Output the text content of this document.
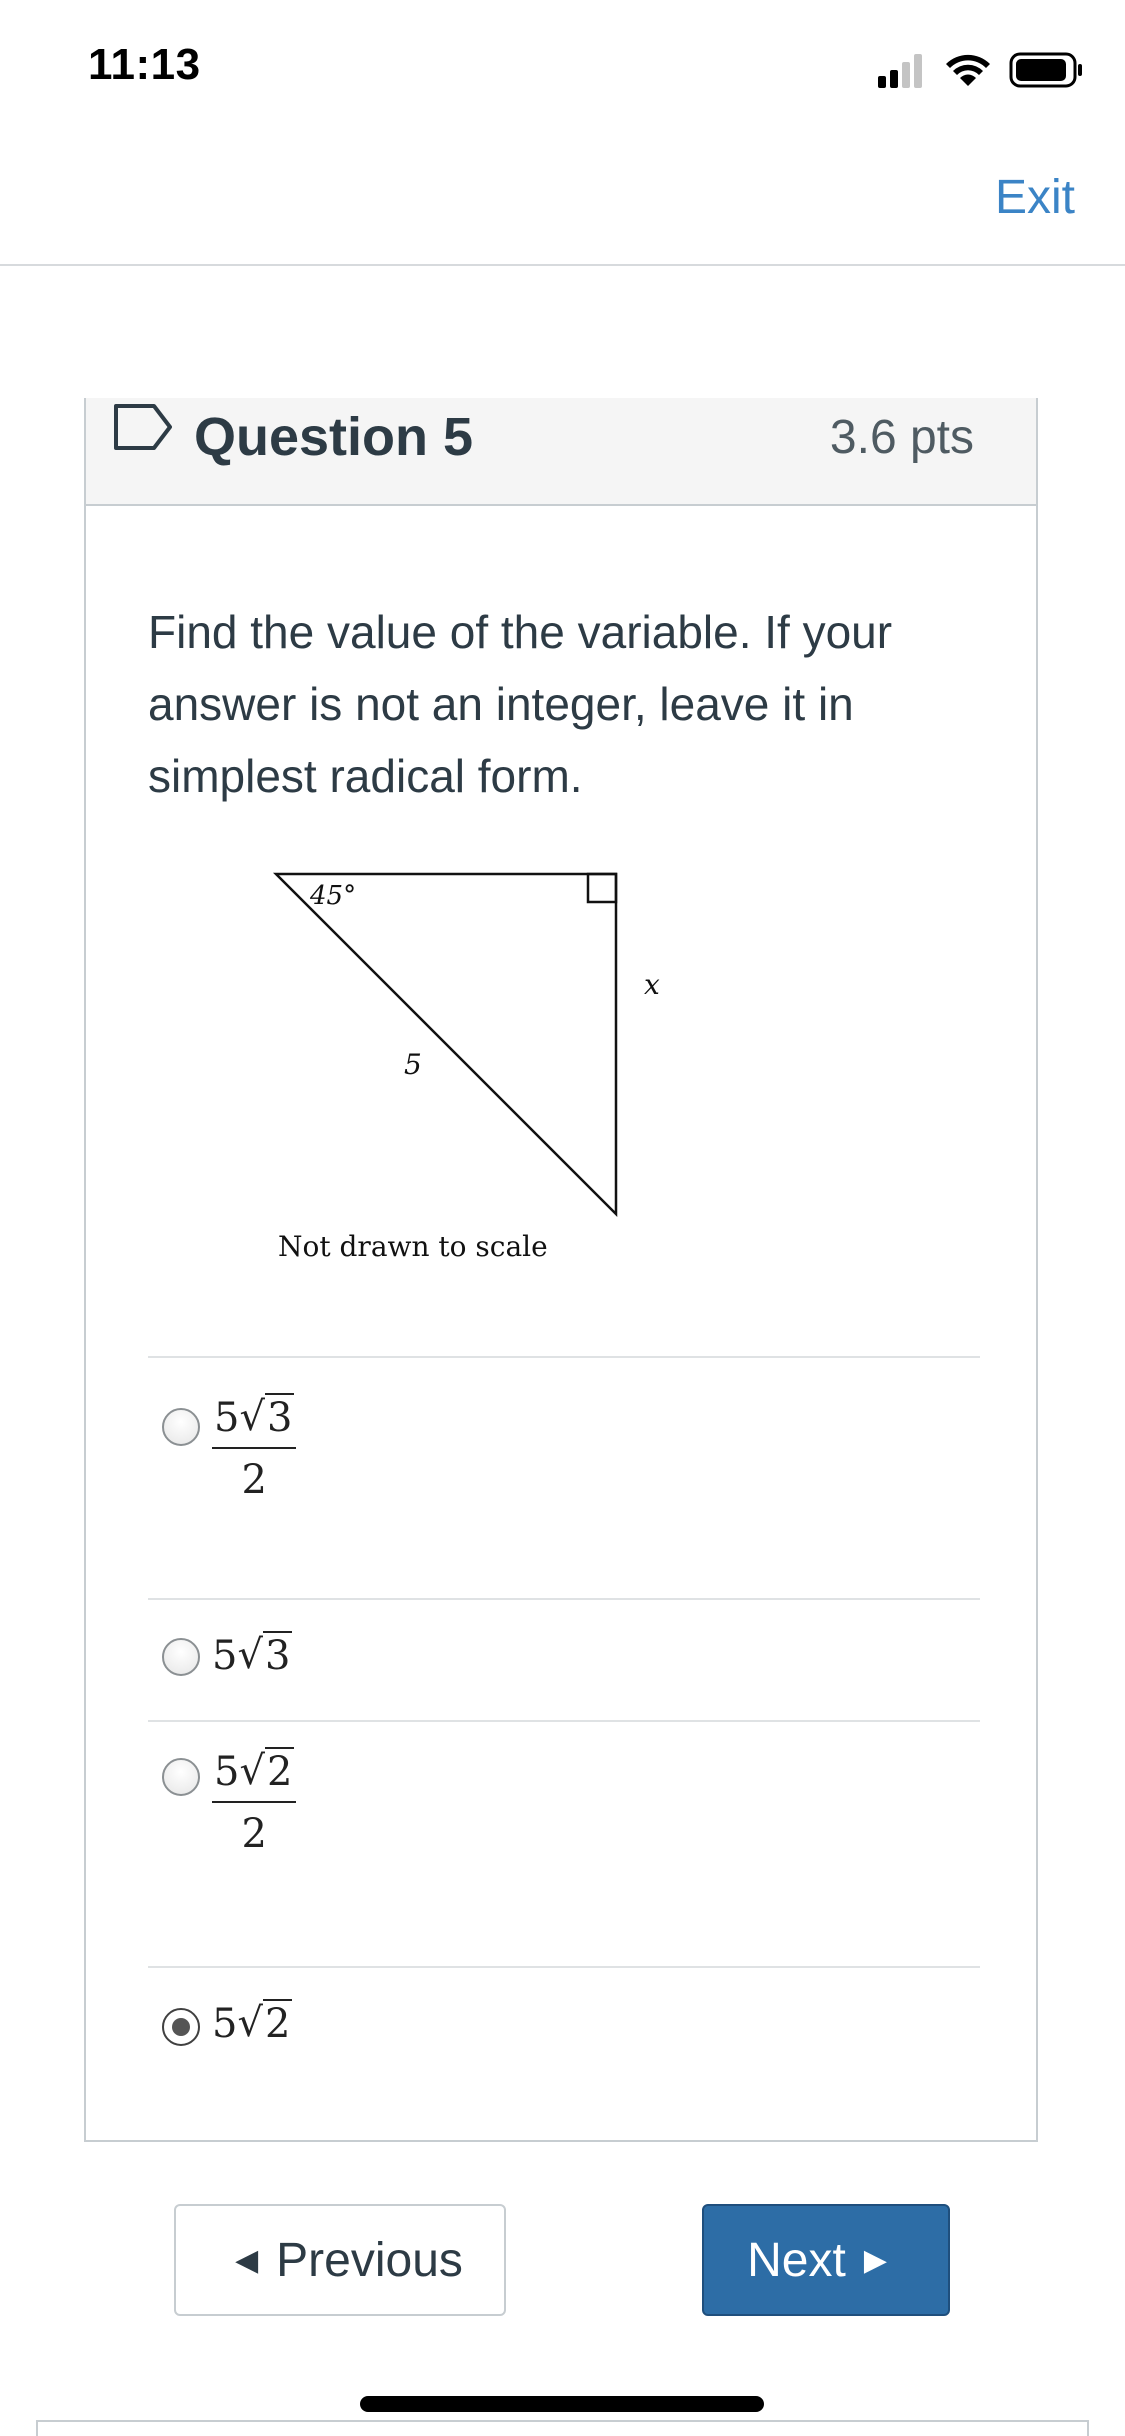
11:13
Exit
Question 5	3.6 pts
Find the value of the variable. If your answer is not an integer, leave it in simplest radical form.
45°
5
x
Not drawn to scale
$\frac{5√3}{2}$
5√3
$\frac{5√2}{2}$
5√2
◀ Previous	Next ▶
